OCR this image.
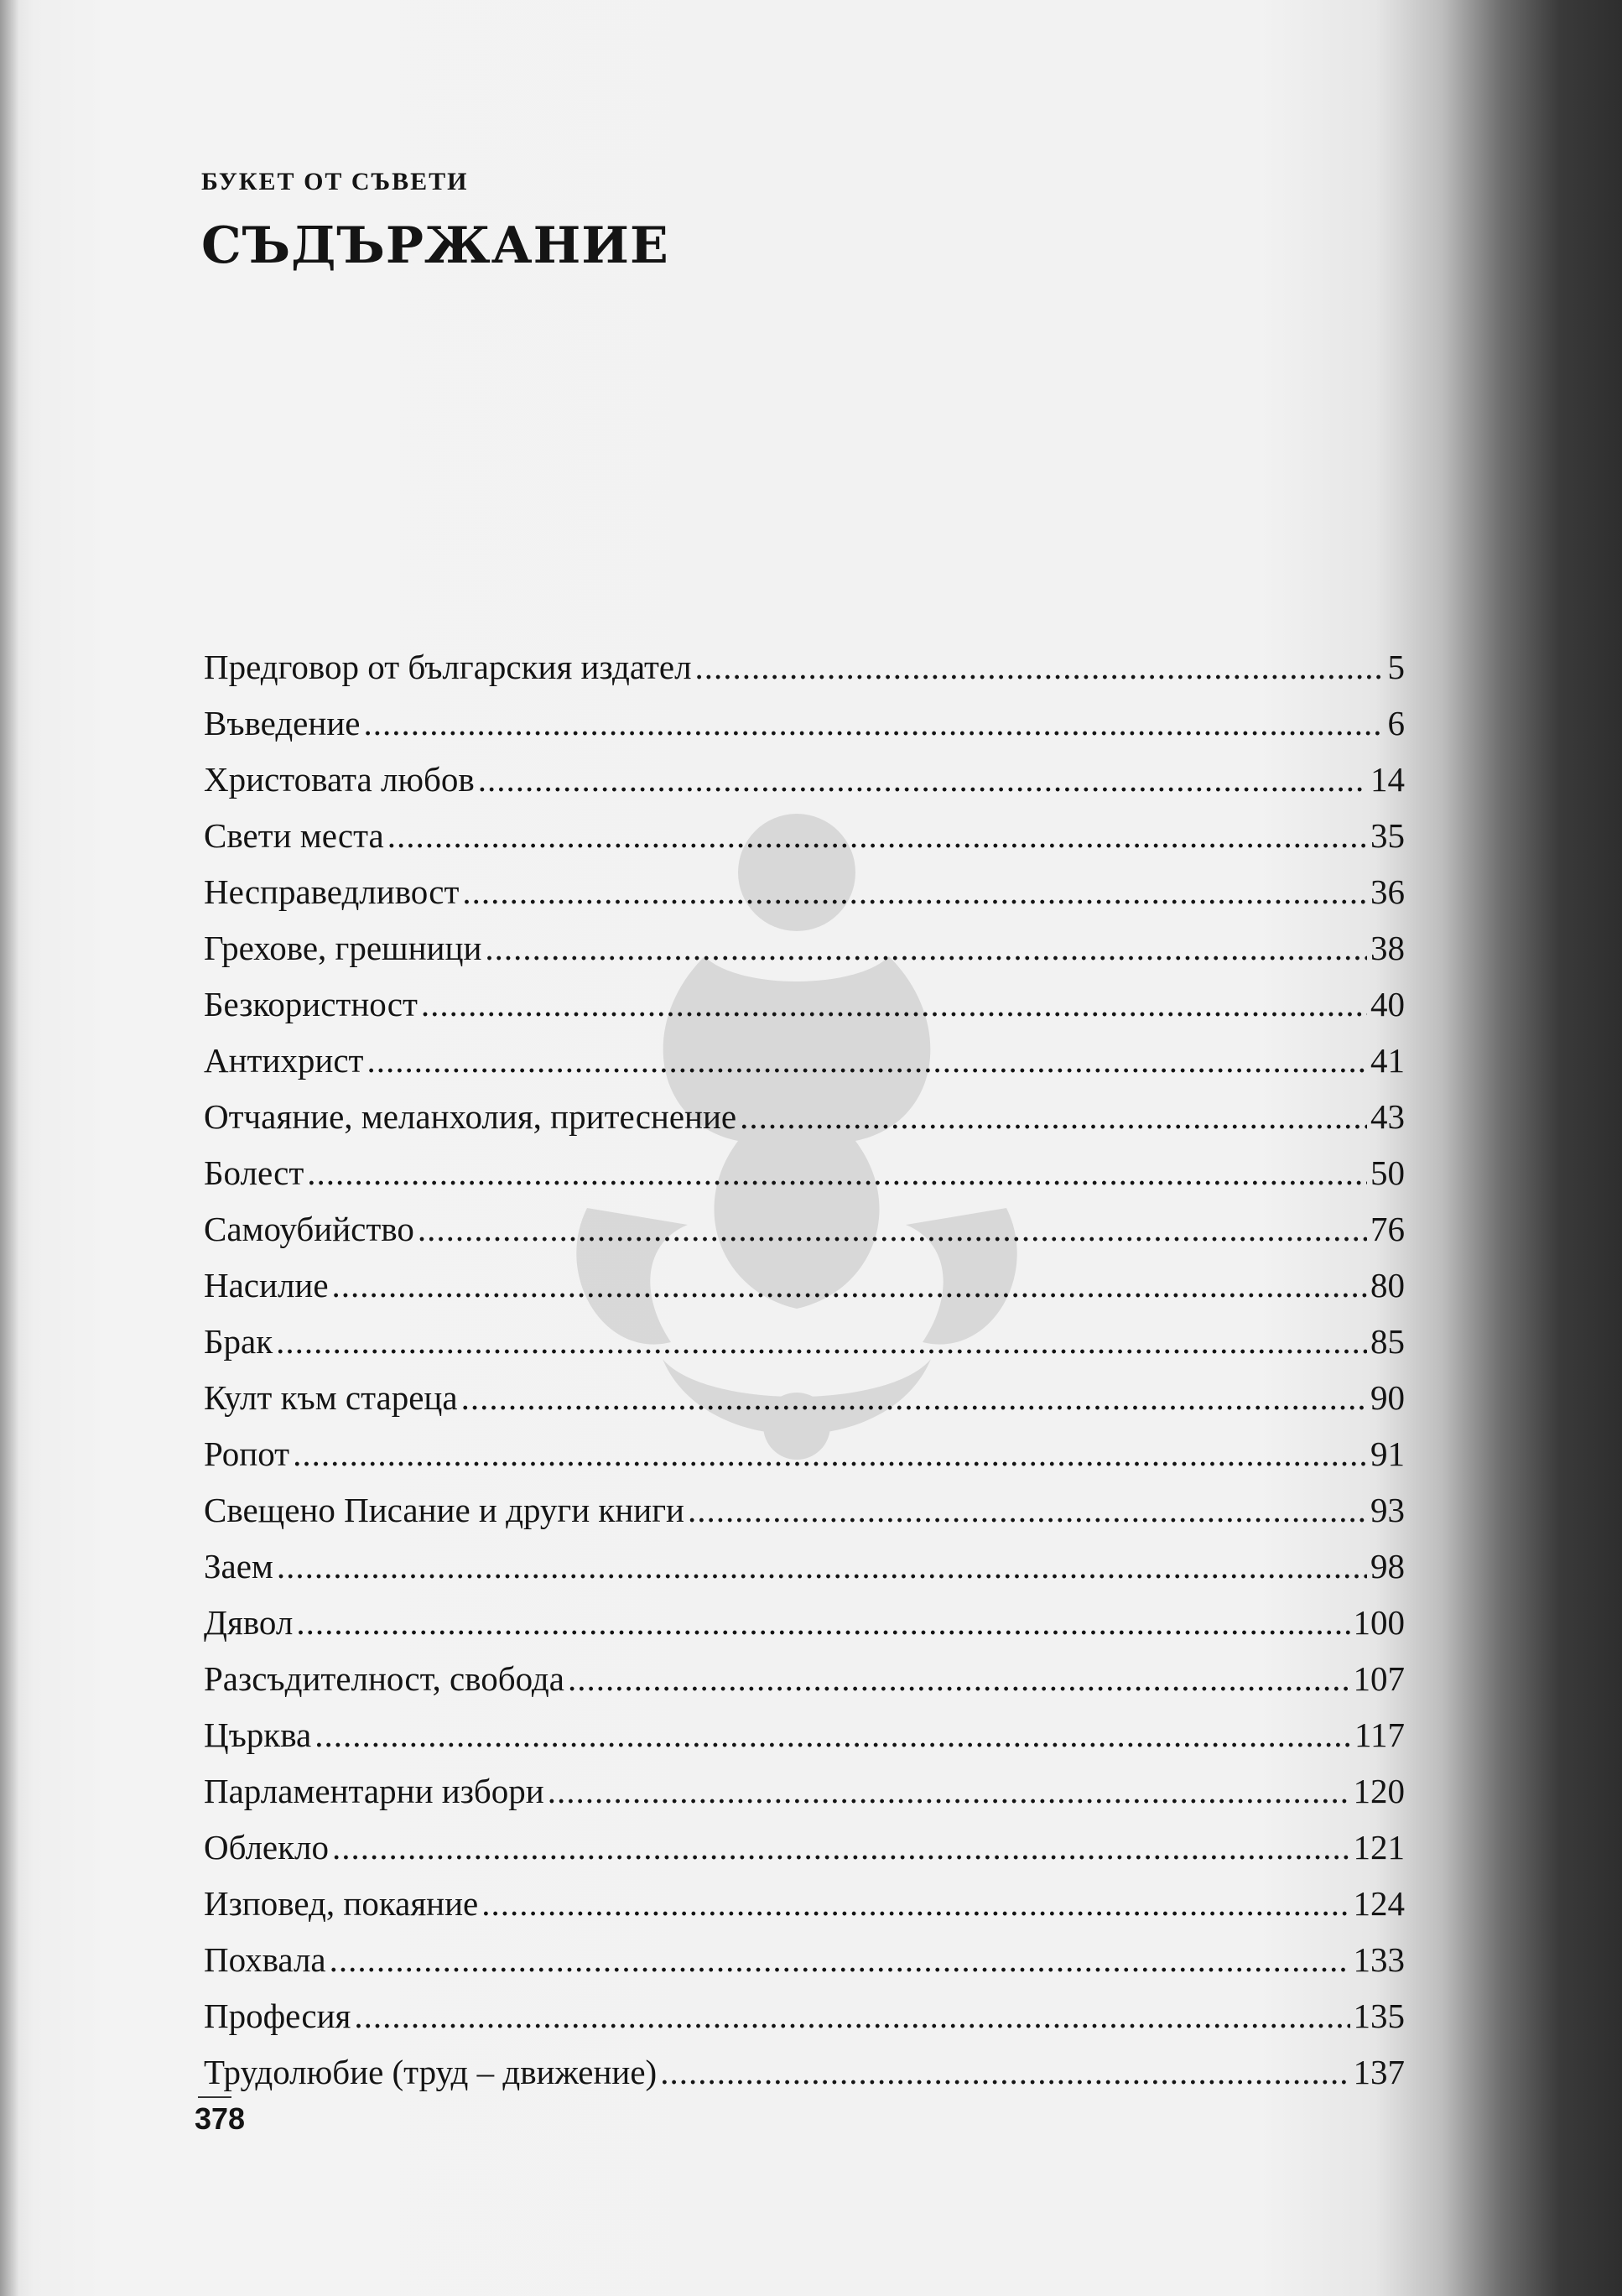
БУКЕТ ОТ СЪВЕТИ
СЪДЪРЖАНИЕ
Предговор от българския издател .....	5
Въведение .....	6
Христовата любов .....	14
Свети места .....	35
Несправедливост .....	36
Грехове, грешници .....	38
Безкористност .....	40
Антихрист .....	41
Отчаяние, меланхолия, притеснение .....	43
Болест .....	50
Самоубийство .....	76
Насилие .....	80
Брак .....	85
Култ към стареца .....	90
Ропот .....	91
Свещено Писание и други книги .....	93
Заем .....	98
Дявол .....	100
Разсъдителност, свобода .....	107
Църква .....	117
Парламентарни избори .....	120
Облекло .....	121
Изповед, покаяние .....	124
Похвала .....	133
Професия .....	135
Трудолюбие (труд – движение) .....	137
378
